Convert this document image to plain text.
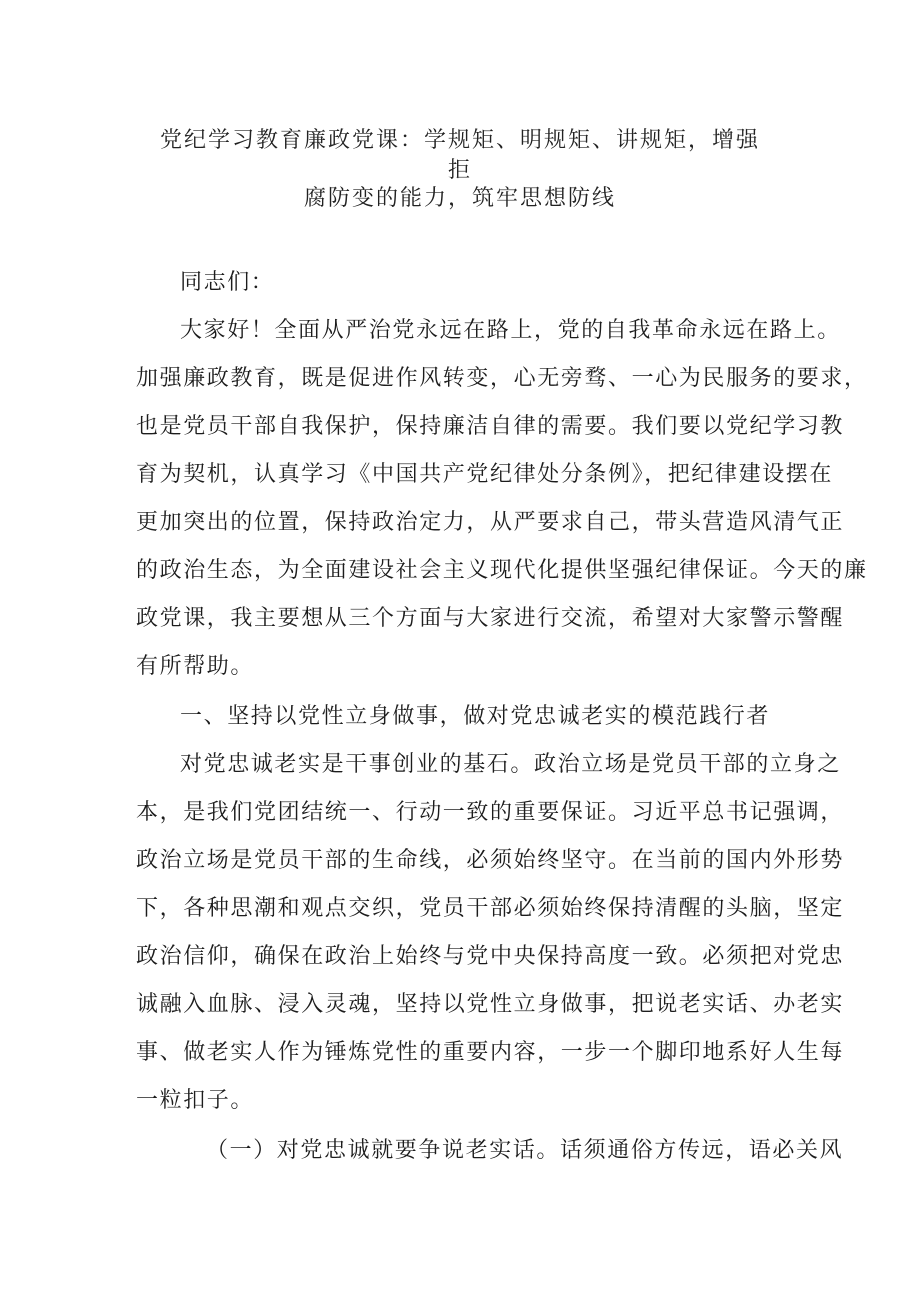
党纪学习教育廉政党课：学规矩、明规矩、讲规矩，增强拒
腐防变的能力，筑牢思想防线

同志们：

大家好！全面从严治党永远在路上，党的自我革命永远在路上。

加强廉政教育，既是促进作风转变，心无旁骛、一心为民服务的要求，

也是党员干部自我保护，保持廉洁自律的需要。我们要以党纪学习教

育为契机，认真学习《中国共产党纪律处分条例》，把纪律建设摆在

更加突出的位置，保持政治定力，从严要求自己，带头营造风清气正

的政治生态，为全面建设社会主义现代化提供坚强纪律保证。今天的廉

政党课，我主要想从三个方面与大家进行交流，希望对大家警示警醒

有所帮助。

一、坚持以党性立身做事，做对党忠诚老实的模范践行者

对党忠诚老实是干事创业的基石。政治立场是党员干部的立身之

本，是我们党团结统一、行动一致的重要保证。习近平总书记强调，

政治立场是党员干部的生命线，必须始终坚守。在当前的国内外形势

下，各种思潮和观点交织，党员干部必须始终保持清醒的头脑，坚定

政治信仰，确保在政治上始终与党中央保持高度一致。必须把对党忠

诚融入血脉、浸入灵魂，坚持以党性立身做事，把说老实话、办老实

事、做老实人作为锤炼党性的重要内容，一步一个脚印地系好人生每

一粒扣子。

（一）对党忠诚就要争说老实话。话须通俗方传远，语必关风
